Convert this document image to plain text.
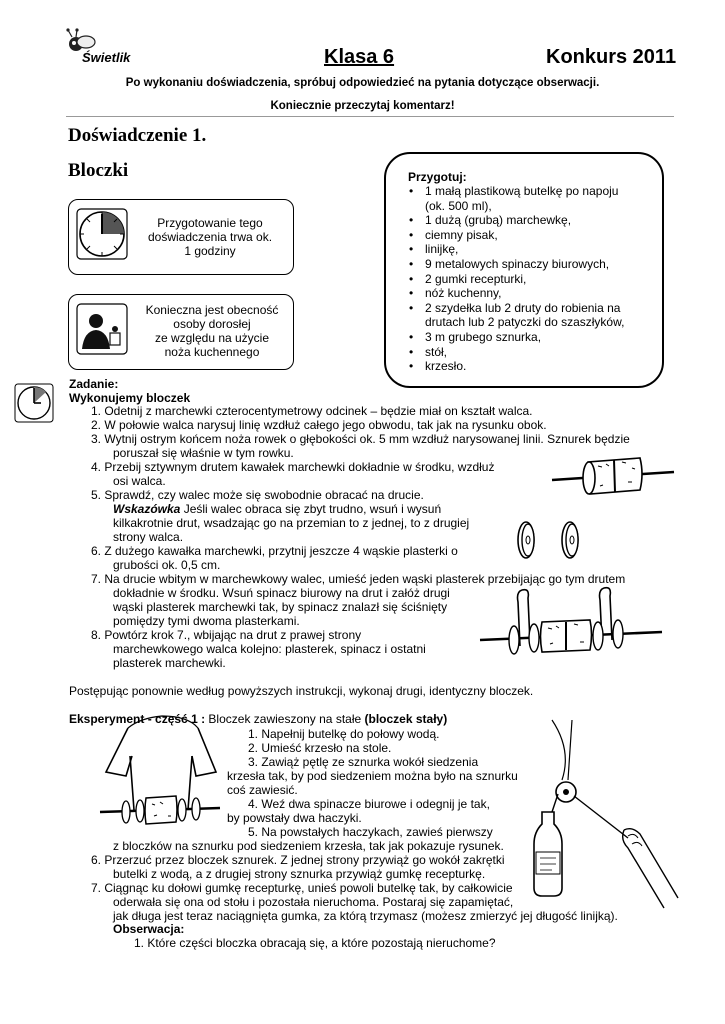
Świetlik	Klasa 6	Konkurs 2011
Po wykonaniu doświadczenia, spróbuj odpowiedzieć na pytania dotyczące obserwacji.
Koniecznie przeczytaj komentarz!
Doświadczenie 1.
Bloczki
Przygotowanie tego
doświadczenia trwa ok.
1 godziny
Konieczna jest obecność
osoby dorosłej
ze względu na użycie
noża kuchennego
Przygotuj:
• 1 małą plastikową butelkę po napoju
(ok. 500 ml),
• 1 dużą (grubą) marchewkę,
• ciemny pisak,
• linijkę,
• 9 metalowych spinaczy biurowych,
• 2 gumki recepturki,
• nóż kuchenny,
• 2 szydełka lub 2 druty do robienia na
drutach lub 2 patyczki do szaszłyków,
• 3 m grubego sznurka,
• stół,
• krzesło.
Zadanie:
Wykonujemy bloczek
1. Odetnij z marchewki czterocentymetrowy odcinek – będzie miał on kształt walca.
2. W połowie walca narysuj linię wzdłuż całego jego obwodu, tak jak na rysunku obok.
3. Wytnij ostrym końcem noża rowek o głębokości ok. 5 mm wzdłuż narysowanej linii. Sznurek będzie
poruszał się właśnie w tym rowku.
4. Przebij sztywnym drutem kawałek marchewki dokładnie w środku, wzdłuż
osi walca.
5. Sprawdź, czy walec może się swobodnie obracać na drucie.
Wskazówka Jeśli walec obraca się zbyt trudno, wsuń i wysuń
kilkakrotnie drut, wsadzając go na przemian to z jednej, to z drugiej
strony walca.
6. Z dużego kawałka marchewki, przytnij jeszcze 4 wąskie plasterki o
grubości ok. 0,5 cm.
7. Na drucie wbitym w marchewkowy walec, umieść jeden wąski plasterek przebijając go tym drutem
dokładnie w środku. Wsuń spinacz biurowy na drut i załóż drugi
wąski plasterek marchewki tak, by spinacz znalazł się ściśnięty
pomiędzy tymi dwoma plasterkami.
8. Powtórz krok 7., wbijając na drut z prawej strony
marchewkowego walca kolejno: plasterek, spinacz i ostatni
plasterek marchewki.
Postępując ponownie według powyższych instrukcji, wykonaj drugi, identyczny bloczek.
Eksperyment - część 1 : Bloczek zawieszony na stałe (bloczek stały)
1. Napełnij butelkę do połowy wodą.
2. Umieść krzesło na stole.
3. Zawiąż pętlę ze sznurka wokół siedzenia
krzesła tak, by pod siedzeniem można było na sznurku
coś zawiesić.
4. Weź dwa spinacze biurowe i odegnij je tak,
by powstały dwa haczyki.
5. Na powstałych haczykach, zawieś pierwszy
z bloczków na sznurku pod siedzeniem krzesła, tak jak pokazuje rysunek.
6. Przerzuć przez bloczek sznurek. Z jednej strony przywiąż go wokół zakrętki
butelki z wodą, a z drugiej strony sznurka przywiąż gumkę recepturkę.
7. Ciągnąc ku dołowi gumkę recepturkę, unieś powoli butelkę tak, by całkowicie
oderwała się ona od stołu i pozostała nieruchoma. Postaraj się zapamiętać,
jak długa jest teraz naciągnięta gumka, za którą trzymasz (możesz zmierzyć jej długość linijką).
Obserwacja:
1. Które części bloczka obracają się, a które pozostają nieruchome?
